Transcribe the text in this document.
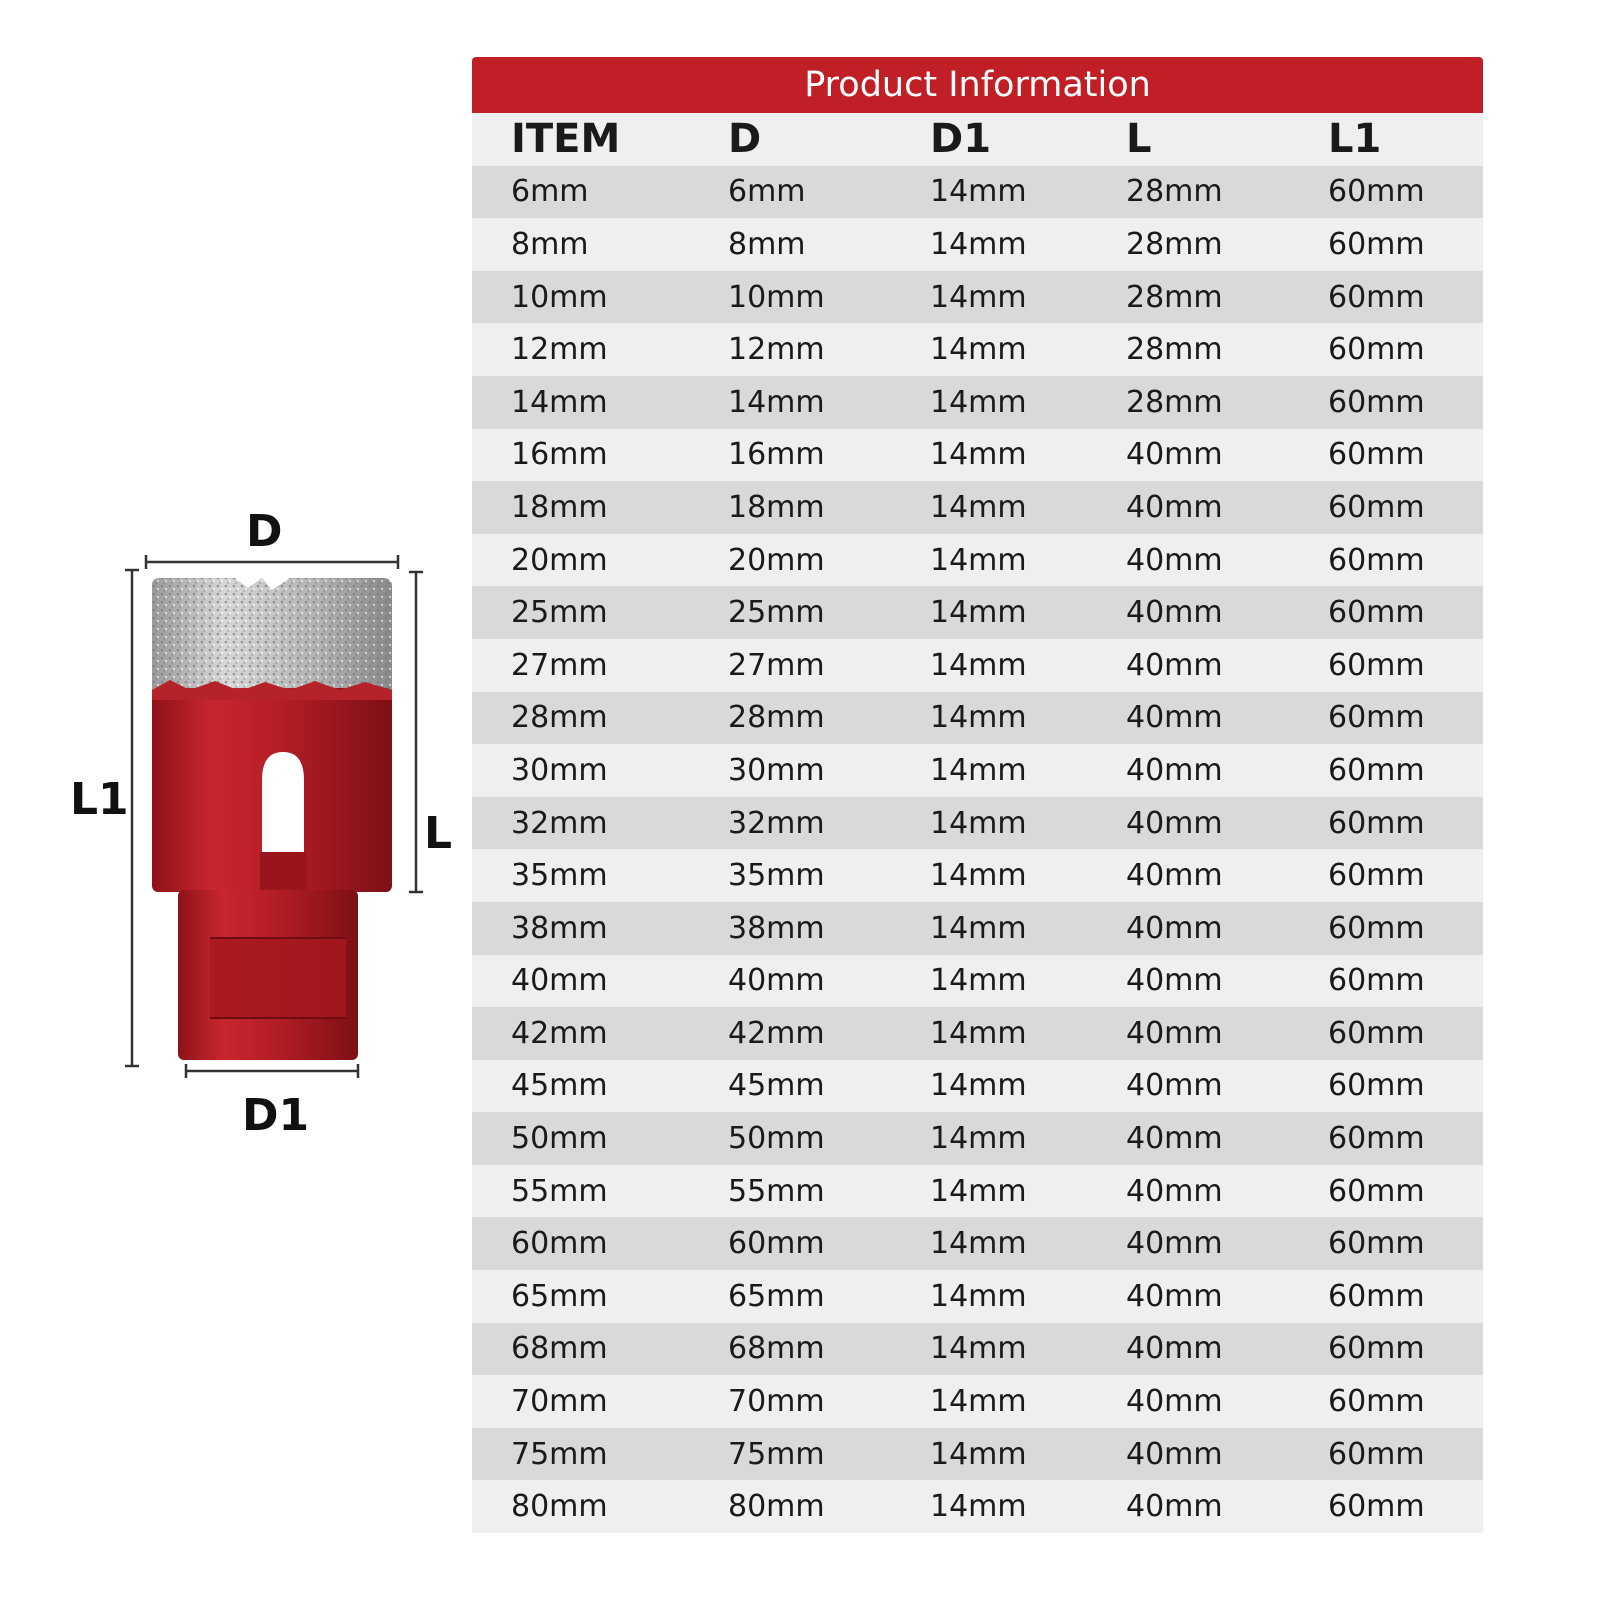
D
L1
L
D1
Product Information
ITEM	D	D1	L	L1
6mm	6mm	14mm	28mm	60mm
8mm	8mm	14mm	28mm	60mm
10mm	10mm	14mm	28mm	60mm
12mm	12mm	14mm	28mm	60mm
14mm	14mm	14mm	28mm	60mm
16mm	16mm	14mm	40mm	60mm
18mm	18mm	14mm	40mm	60mm
20mm	20mm	14mm	40mm	60mm
25mm	25mm	14mm	40mm	60mm
27mm	27mm	14mm	40mm	60mm
28mm	28mm	14mm	40mm	60mm
30mm	30mm	14mm	40mm	60mm
32mm	32mm	14mm	40mm	60mm
35mm	35mm	14mm	40mm	60mm
38mm	38mm	14mm	40mm	60mm
40mm	40mm	14mm	40mm	60mm
42mm	42mm	14mm	40mm	60mm
45mm	45mm	14mm	40mm	60mm
50mm	50mm	14mm	40mm	60mm
55mm	55mm	14mm	40mm	60mm
60mm	60mm	14mm	40mm	60mm
65mm	65mm	14mm	40mm	60mm
68mm	68mm	14mm	40mm	60mm
70mm	70mm	14mm	40mm	60mm
75mm	75mm	14mm	40mm	60mm
80mm	80mm	14mm	40mm	60mm
